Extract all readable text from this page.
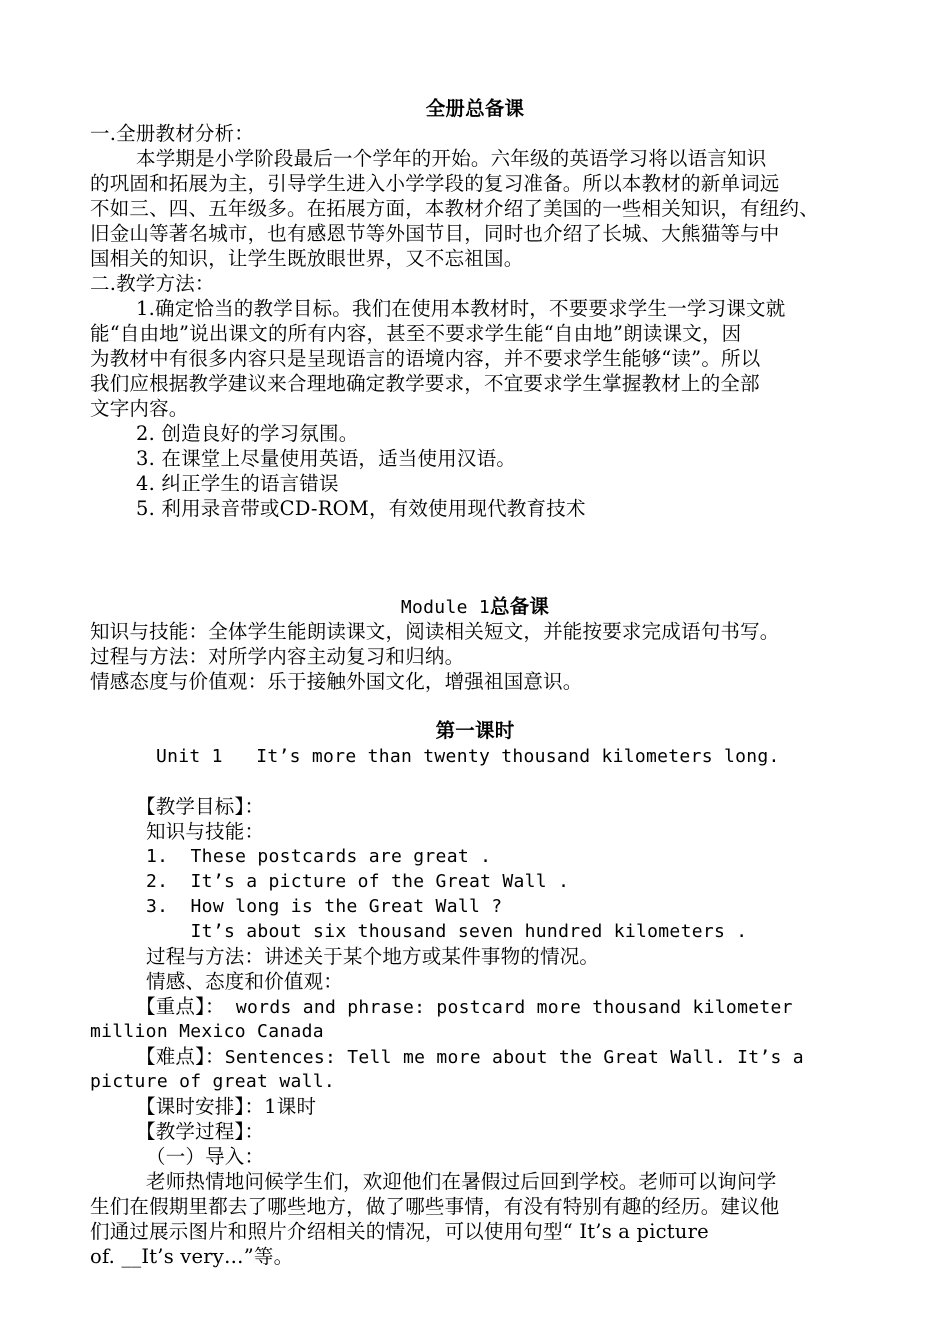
全册总备课
一.全册教材分析：
本学期是小学阶段最后一个学年的开始。六年级的英语学习将以语言知识
的巩固和拓展为主，引导学生进入小学学段的复习准备。所以本教材的新单词远
不如三、四、五年级多。在拓展方面，本教材介绍了美国的一些相关知识，有纽约、
旧金山等著名城市，也有感恩节等外国节目，同时也介绍了长城、大熊猫等与中
国相关的知识，让学生既放眼世界，又不忘祖国。
二.教学方法：
1.确定恰当的教学目标。我们在使用本教材时，不要要求学生一学习课文就
能“自由地”说出课文的所有内容，甚至不要求学生能“自由地”朗读课文，因
为教材中有很多内容只是呈现语言的语境内容，并不要求学生能够“读”。所以
我们应根据教学建议来合理地确定教学要求，不宜要求学生掌握教材上的全部
文字内容。
2. 创造良好的学习氛围。
3. 在课堂上尽量使用英语，适当使用汉语。
4. 纠正学生的语言错误
5. 利用录音带或CD-ROM，有效使用现代教育技术
Module 1总备课
知识与技能：全体学生能朗读课文，阅读相关短文，并能按要求完成语句书写。
过程与方法：对所学内容主动复习和归纳。
情感态度与价值观：乐于接触外国文化，增强祖国意识。
第一课时
Unit 1   It’s more than twenty thousand kilometers long.
【教学目标】：
知识与技能：
1.  These postcards are great .
2.  It’s a picture of the Great Wall .
3.  How long is the Great Wall ?
It’s about six thousand seven hundred kilometers .
过程与方法：讲述关于某个地方或某件事物的情况。
情感、态度和价值观：
【重点】： words and phrase: postcard more thousand kilometer
million Mexico Canada
【难点】：Sentences: Tell me more about the Great Wall. It’s a
picture of great wall.
【课时安排】：1课时
【教学过程】：
（一）导入：
老师热情地问候学生们，欢迎他们在暑假过后回到学校。老师可以询问学
生们在假期里都去了哪些地方，做了哪些事情，有没有特别有趣的经历。建议他
们通过展示图片和照片介绍相关的情况，可以使用句型“ It’s a picture
of. __It’s very…”等。
